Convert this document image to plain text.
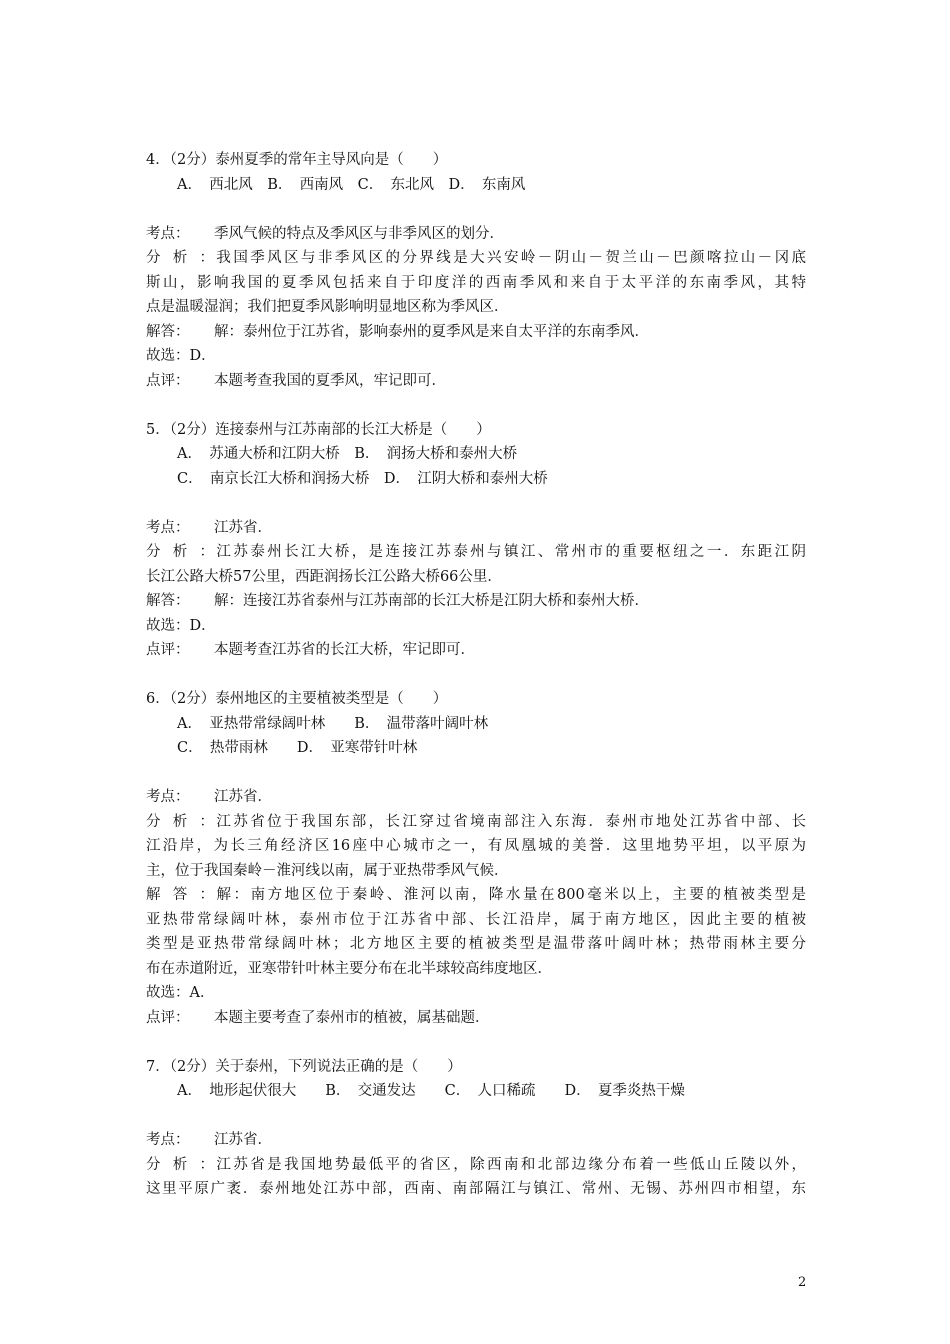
4．（2分）泰州夏季的常年主导风向是（　　）
A．　西北风　B．　西南风　C．　东北风　D．　东南风
考点： 季风气候的特点及季风区与非季风区的划分．
分析：我国季风区与非季风区的分界线是大兴安岭－阴山－贺兰山－巴颜喀拉山－冈底
斯山，影响我国的夏季风包括来自于印度洋的西南季风和来自于太平洋的东南季风，其特
点是温暖湿润；我们把夏季风影响明显地区称为季风区．
解答： 解：泰州位于江苏省，影响泰州的夏季风是来自太平洋的东南季风．
故选：D．
点评： 本题考查我国的夏季风，牢记即可．
5．（2分）连接泰州与江苏南部的长江大桥是（　　）
A．　苏通大桥和江阴大桥　B．　润扬大桥和泰州大桥
C．　南京长江大桥和润扬大桥　D．　江阴大桥和泰州大桥
考点： 江苏省．
分析：江苏泰州长江大桥，是连接江苏泰州与镇江、常州市的重要枢纽之一．东距江阴
长江公路大桥57公里，西距润扬长江公路大桥66公里．
解答： 解：连接江苏省泰州与江苏南部的长江大桥是江阴大桥和泰州大桥．
故选：D．
点评： 本题考查江苏省的长江大桥，牢记即可．
6．（2分）泰州地区的主要植被类型是（　　）
A．　亚热带常绿阔叶林　　B．　温带落叶阔叶林
C．　热带雨林　　D．　亚寒带针叶林
考点： 江苏省．
分析：江苏省位于我国东部，长江穿过省境南部注入东海．泰州市地处江苏省中部、长
江沿岸，为长三角经济区16座中心城市之一，有凤凰城的美誉．这里地势平坦，以平原为
主，位于我国秦岭－淮河线以南，属于亚热带季风气候．
解答：解：南方地区位于秦岭、淮河以南，降水量在800毫米以上，主要的植被类型是
亚热带常绿阔叶林，泰州市位于江苏省中部、长江沿岸，属于南方地区，因此主要的植被
类型是亚热带常绿阔叶林；北方地区主要的植被类型是温带落叶阔叶林；热带雨林主要分
布在赤道附近，亚寒带针叶林主要分布在北半球较高纬度地区．
故选：A．
点评： 本题主要考查了泰州市的植被，属基础题．
7．（2分）关于泰州，下列说法正确的是（　　）
A．　地形起伏很大　　B．　交通发达　　C．　人口稀疏　　D．　夏季炎热干燥
考点： 江苏省．
分析：江苏省是我国地势最低平的省区，除西南和北部边缘分布着一些低山丘陵以外，
这里平原广袤．泰州地处江苏中部，西南、南部隔江与镇江、常州、无锡、苏州四市相望，东
2
